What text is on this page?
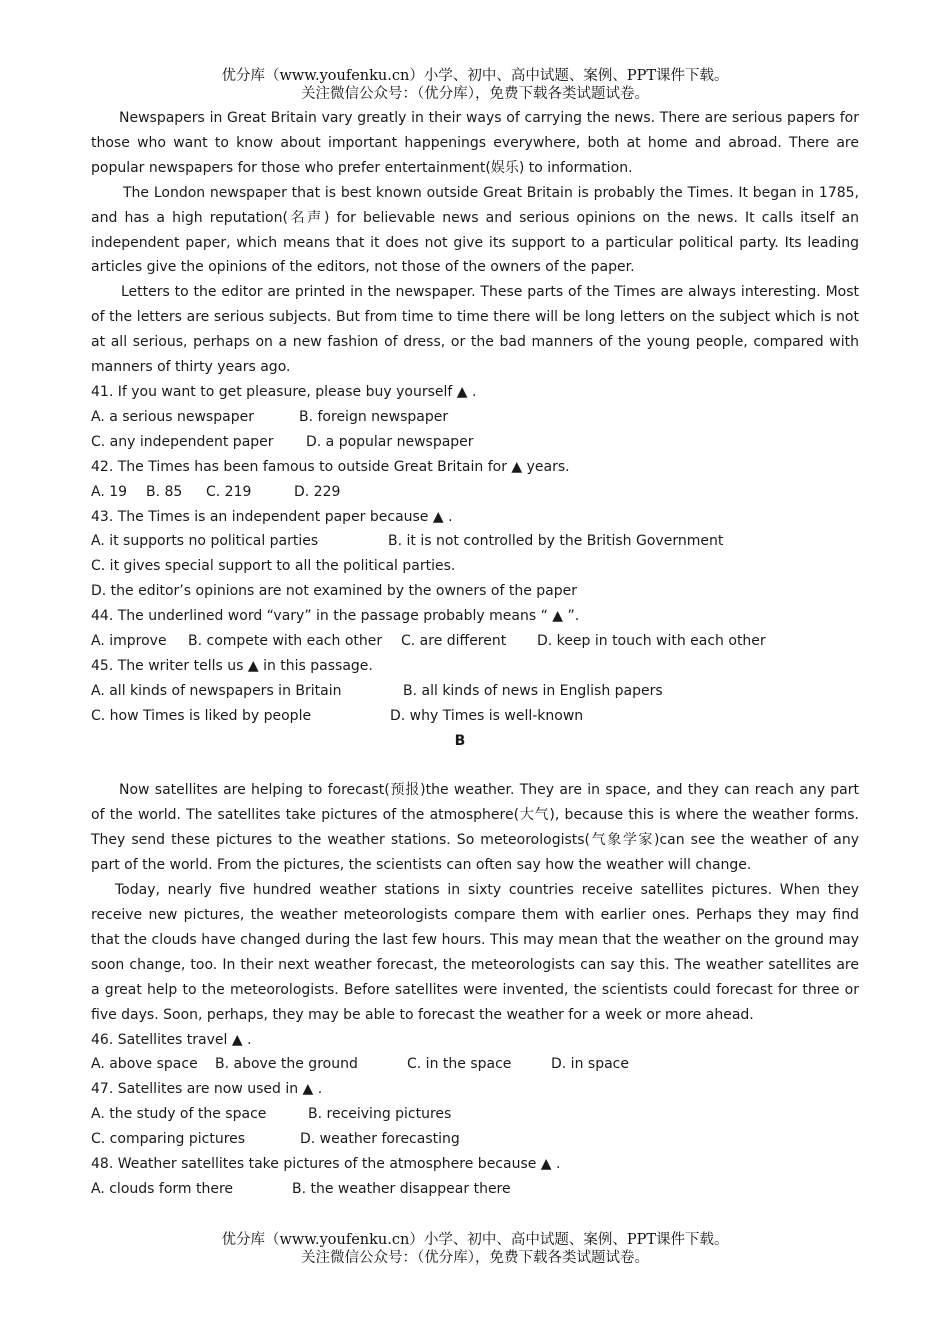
优分库（www.youfenku.cn）小学、初中、高中试题、案例、PPT课件下载。
关注微信公众号：（优分库），免费下载各类试题试卷。

Newspapers in Great Britain vary greatly in their ways of carrying the news. There are serious papers for those who want to know about important happenings everywhere, both at home and abroad. There are popular newspapers for those who prefer entertainment(娱乐) to information.

The London newspaper that is best known outside Great Britain is probably the Times. It began in 1785, and has a high reputation(名声) for believable news and serious opinions on the news. It calls itself an independent paper, which means that it does not give its support to a particular political party. Its leading articles give the opinions of the editors, not those of the owners of the paper.

Letters to the editor are printed in the newspaper. These parts of the Times are always interesting. Most of the letters are serious subjects. But from time to time there will be long letters on the subject which is not at all serious, perhaps on a new fashion of dress, or the bad manners of the young people, compared with manners of thirty years ago.

41. If you want to get pleasure, please buy yourself ▲ .

A. a serious newspaper	B. foreign newspaper

C. any independent paper D. a popular newspaper

42. The Times has been famous to outside Great Britain for ▲ years.

A. 19 B. 85 C. 219	D. 229

43. The Times is an independent paper because ▲ .

A. it supports no political parties	B. it is not controlled by the British Government

C. it gives special support to all the political parties.

D. the editor’s opinions are not examined by the owners of the paper

44. The underlined word “vary” in the passage probably means “ ▲ ”.

A. improve B. compete with each other C. are different D. keep in touch with each other

45. The writer tells us ▲ in this passage.

A. all kinds of newspapers in Britain	B. all kinds of news in English papers

C. how Times is liked by people	D. why Times is well-known

B

Now satellites are helping to forecast(预报)the weather. They are in space, and they can reach any part of the world. The satellites take pictures of the atmosphere(大气), because this is where the weather forms. They send these pictures to the weather stations. So meteorologists(气象学家)can see the weather of any part of the world. From the pictures, the scientists can often say how the weather will change.

Today, nearly five hundred weather stations in sixty countries receive satellites pictures. When they receive new pictures, the weather meteorologists compare them with earlier ones. Perhaps they may find that the clouds have changed during the last few hours. This may mean that the weather on the ground may soon change, too. In their next weather forecast, the meteorologists can say this. The weather satellites are a great help to the meteorologists. Before satellites were invented, the scientists could forecast for three or five days. Soon, perhaps, they may be able to forecast the weather for a week or more ahead.

46. Satellites travel ▲ .

A. above space B. above the ground	C. in the space	D. in space

47. Satellites are now used in ▲ .

A. the study of the space	B. receiving pictures

C. comparing pictures	D. weather forecasting

48. Weather satellites take pictures of the atmosphere because ▲ .

A. clouds form there	B. the weather disappear there

优分库（www.youfenku.cn）小学、初中、高中试题、案例、PPT课件下载。
关注微信公众号：（优分库），免费下载各类试题试卷。
